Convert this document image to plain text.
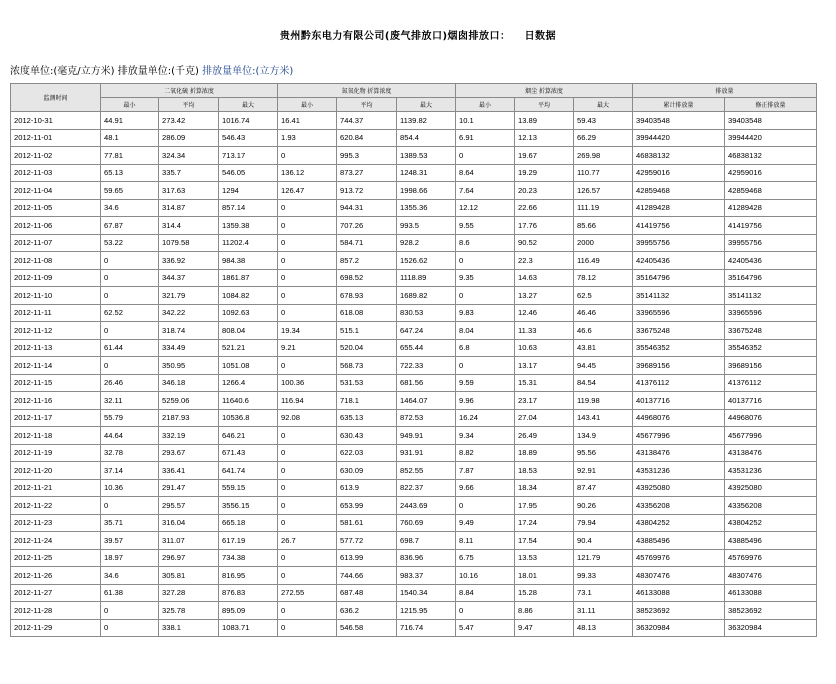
贵州黔东电力有限公司(废气排放口)烟囱排放口： 日数据
浓度单位:(毫克/立方米) 排放量单位:(千克) 排放量单位:(立方米)
监测时间	二氧化硫 折算浓度			氮氧化物 折算浓度			烟尘 折算浓度			排放量	
	最小	平均	最大	最小	平均	最大	最小	平均	最大	累计排放量	修正排放量
2012-10-31	44.91	273.42	1016.74	16.41	744.37	1139.82	10.1	13.89	59.43	39403548	39403548
2012-11-01	48.1	286.09	546.43	1.93	620.84	854.4	6.91	12.13	66.29	39944420	39944420
2012-11-02	77.81	324.34	713.17	0	995.3	1389.53	0	19.67	269.98	46838132	46838132
2012-11-03	65.13	335.7	546.05	136.12	873.27	1248.31	8.64	19.29	110.77	42959016	42959016
2012-11-04	59.65	317.63	1294	126.47	913.72	1998.66	7.64	20.23	126.57	42859468	42859468
2012-11-05	34.6	314.87	857.14	0	944.31	1355.36	12.12	22.66	111.19	41289428	41289428
2012-11-06	67.87	314.4	1359.38	0	707.26	993.5	9.55	17.76	85.66	41419756	41419756
2012-11-07	53.22	1079.58	11202.4	0	584.71	928.2	8.6	90.52	2000	39955756	39955756
2012-11-08	0	336.92	984.38	0	857.2	1526.62	0	22.3	116.49	42405436	42405436
2012-11-09	0	344.37	1861.87	0	698.52	1118.89	9.35	14.63	78.12	35164796	35164796
2012-11-10	0	321.79	1084.82	0	678.93	1689.82	0	13.27	62.5	35141132	35141132
2012-11-11	62.52	342.22	1092.63	0	618.08	830.53	9.83	12.46	46.46	33965596	33965596
2012-11-12	0	318.74	808.04	19.34	515.1	647.24	8.04	11.33	46.6	33675248	33675248
2012-11-13	61.44	334.49	521.21	9.21	520.04	655.44	6.8	10.63	43.81	35546352	35546352
2012-11-14	0	350.95	1051.08	0	568.73	722.33	0	13.17	94.45	39689156	39689156
2012-11-15	26.46	346.18	1266.4	100.36	531.53	681.56	9.59	15.31	84.54	41376112	41376112
2012-11-16	32.11	5259.06	11640.6	116.94	718.1	1464.07	9.96	23.17	119.98	40137716	40137716
2012-11-17	55.79	2187.93	10536.8	92.08	635.13	872.53	16.24	27.04	143.41	44968076	44968076
2012-11-18	44.64	332.19	646.21	0	630.43	949.91	9.34	26.49	134.9	45677996	45677996
2012-11-19	32.78	293.67	671.43	0	622.03	931.91	8.82	18.89	95.56	43138476	43138476
2012-11-20	37.14	336.41	641.74	0	630.09	852.55	7.87	18.53	92.91	43531236	43531236
2012-11-21	10.36	291.47	559.15	0	613.9	822.37	9.66	18.34	87.47	43925080	43925080
2012-11-22	0	295.57	3556.15	0	653.99	2443.69	0	17.95	90.26	43356208	43356208
2012-11-23	35.71	316.04	665.18	0	581.61	760.69	9.49	17.24	79.94	43804252	43804252
2012-11-24	39.57	311.07	617.19	26.7	577.72	698.7	8.11	17.54	90.4	43885496	43885496
2012-11-25	18.97	296.97	734.38	0	613.99	836.96	6.75	13.53	121.79	45769976	45769976
2012-11-26	34.6	305.81	816.95	0	744.66	983.37	10.16	18.01	99.33	48307476	48307476
2012-11-27	61.38	327.28	876.83	272.55	687.48	1540.34	8.84	15.28	73.1	46133088	46133088
2012-11-28	0	325.78	895.09	0	636.2	1215.95	0	8.86	31.11	38523692	38523692
2012-11-29	0	338.1	1083.71	0	546.58	716.74	5.47	9.47	48.13	36320984	36320984
